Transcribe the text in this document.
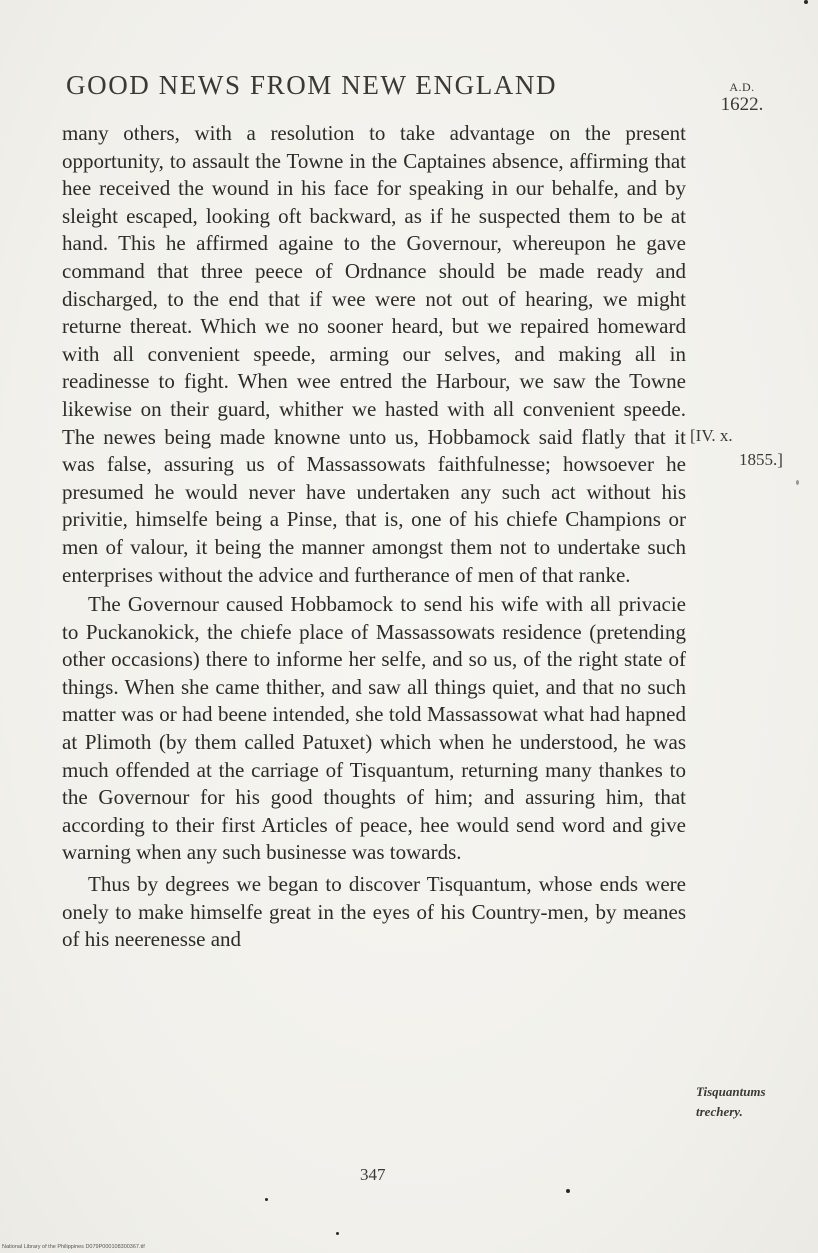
GOOD NEWS FROM NEW ENGLAND	A.D.
1622.

many others, with a resolution to take advantage on the present opportunity, to assault the Towne in the Captaines absence, affirming that hee received the wound in his face for speaking in our behalfe, and by sleight escaped, looking oft backward, as if he suspected them to be at hand. This he affirmed againe to the Governour, whereupon he gave command that three peece of Ordnance should be made ready and discharged, to the end that if wee were not out of hearing, we might returne thereat. Which we no sooner heard, but we repaired homeward with all convenient speede, arming our selves, and making all in readinesse to fight. When wee entred the Harbour, we saw the Towne likewise on their guard, whither we hasted with all convenient speede. The newes being made knowne unto us, Hobbamock said flatly that it was false, assuring us of Massassowats faithfulnesse; howsoever he presumed he would never have undertaken any such act without his privitie, himselfe being a Pinse, that is, one of his chiefe Champions or men of valour, it being the manner amongst them not to undertake such enterprises without the advice and furtherance of men of that ranke.

The Governour caused Hobbamock to send his wife with all privacie to Puckanokick, the chiefe place of Massassowats residence (pretending other occasions) there to informe her selfe, and so us, of the right state of things. When she came thither, and saw all things quiet, and that no such matter was or had beene intended, she told Massassowat what had hapned at Plimoth (by them called Patuxet) which when he understood, he was much offended at the carriage of Tisquantum, returning many thankes to the Governour for his good thoughts of him; and assuring him, that according to their first Articles of peace, hee would send word and give warning when any such businesse was towards.

Thus by degrees we began to discover Tisquantum, whose ends were onely to make himselfe great in the eyes of his Country-men, by meanes of his neerenesse and

[IV. x.
1855.]
Tisquantums
trechery.
347
National Library of the Philippines D079P000108300367.tif
